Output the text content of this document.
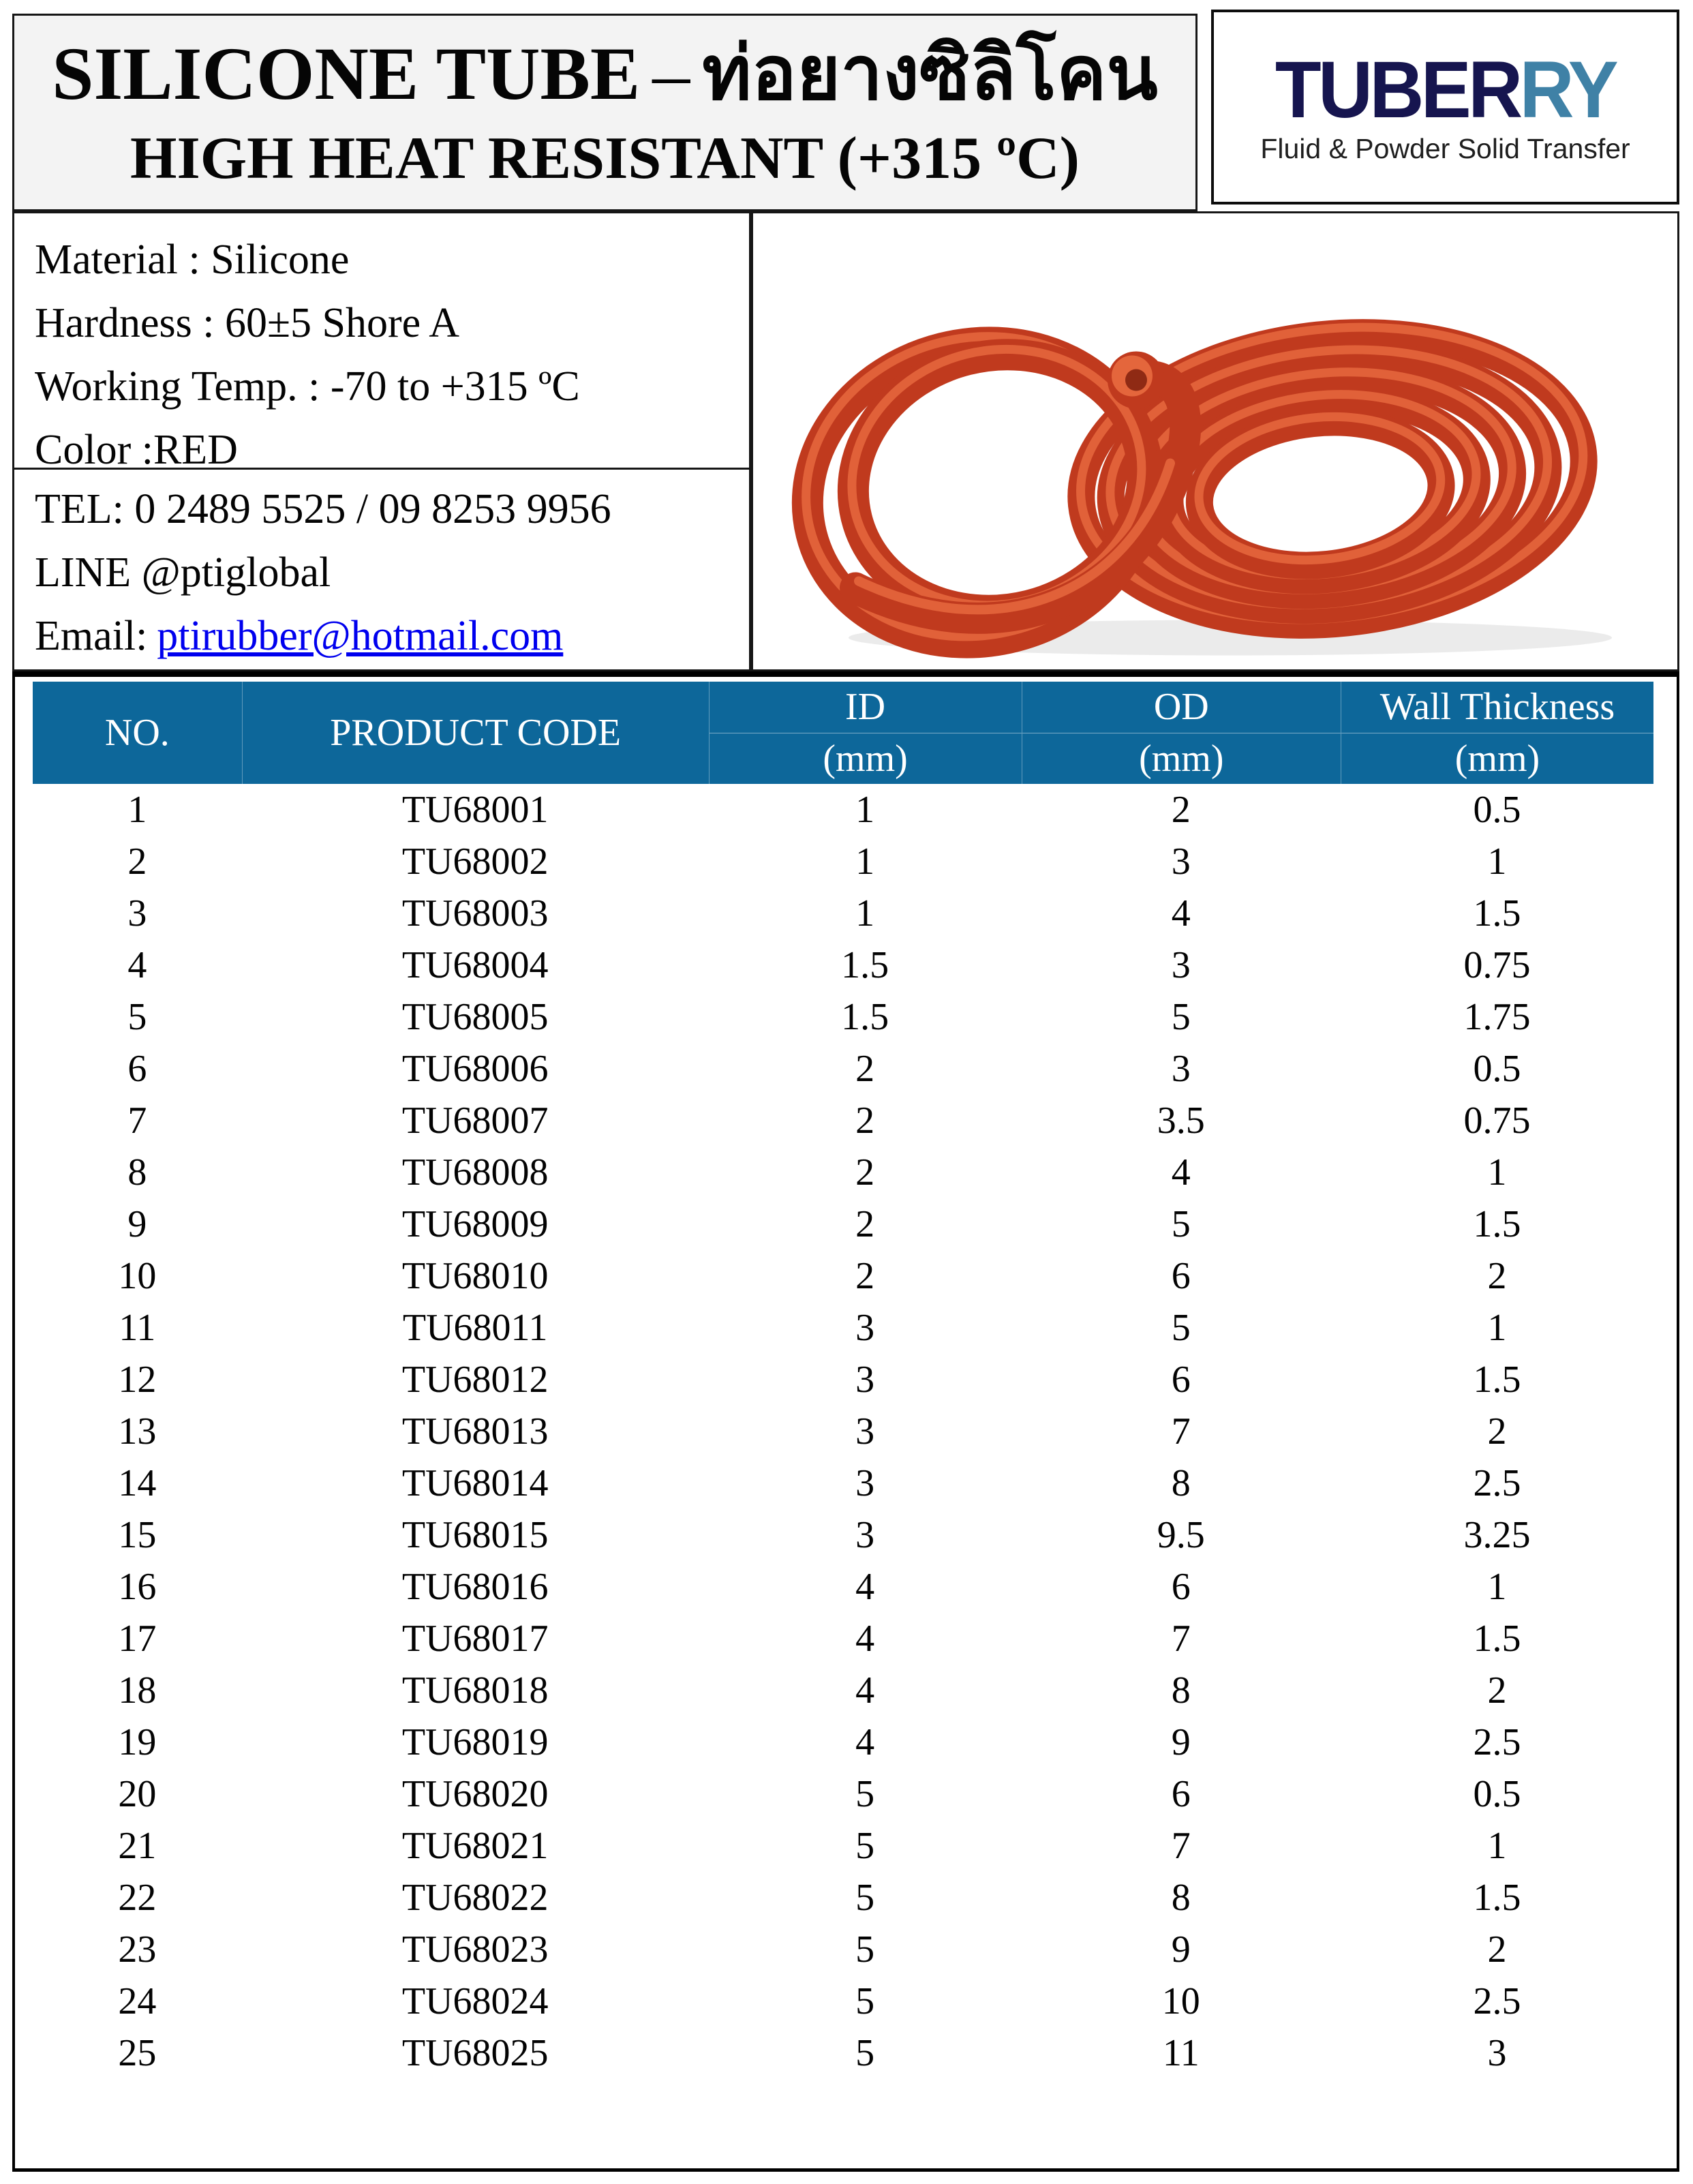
SILICONE TUBE – ท่อยางซิลิโคน
HIGH HEAT RESISTANT (+315 ºC)
TUBERRY
Fluid & Powder Solid Transfer
Material : Silicone
Hardness : 60±5 Shore A
Working Temp. : -70 to +315 ºC
Color :RED
TEL: 0 2489 5525 / 09 8253 9956
LINE @ptiglobal
Email: ptirubber@hotmail.com
NO.	PRODUCT CODE
ID
(mm)
OD
(mm)
Wall Thickness
(mm)
1	TU68001	1	2	0.5
2	TU68002	1	3	1
3	TU68003	1	4	1.5
4	TU68004	1.5	3	0.75
5	TU68005	1.5	5	1.75
6	TU68006	2	3	0.5
7	TU68007	2	3.5	0.75
8	TU68008	2	4	1
9	TU68009	2	5	1.5
10	TU68010	2	6	2
11	TU68011	3	5	1
12	TU68012	3	6	1.5
13	TU68013	3	7	2
14	TU68014	3	8	2.5
15	TU68015	3	9.5	3.25
16	TU68016	4	6	1
17	TU68017	4	7	1.5
18	TU68018	4	8	2
19	TU68019	4	9	2.5
20	TU68020	5	6	0.5
21	TU68021	5	7	1
22	TU68022	5	8	1.5
23	TU68023	5	9	2
24	TU68024	5	10	2.5
25	TU68025	5	11	3
